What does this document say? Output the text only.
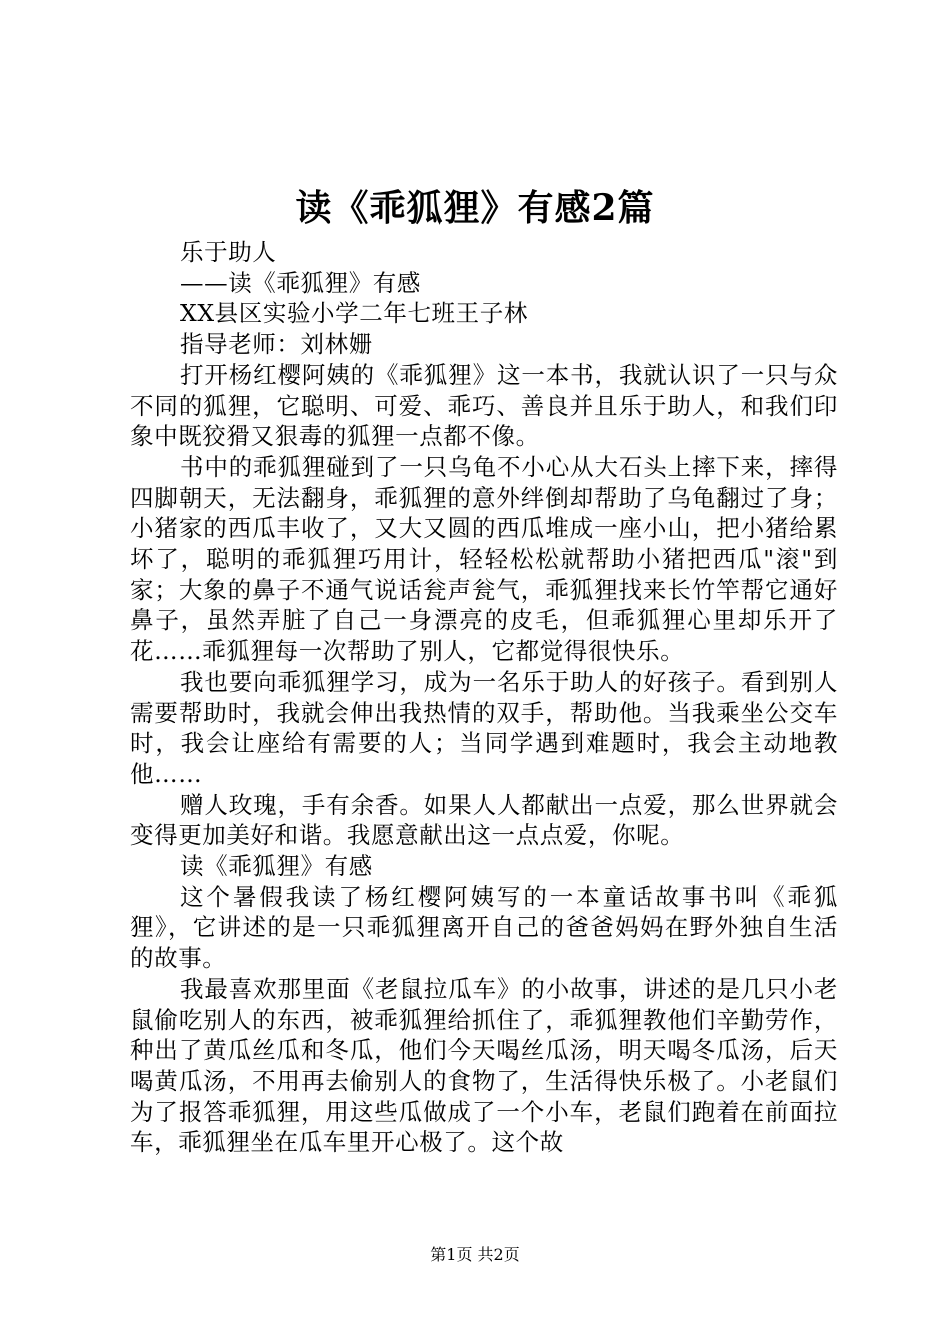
读《乖狐狸》有感2篇

乐于助人

——读《乖狐狸》有感

XX县区实验小学二年七班王子林

指导老师：刘林姗

打开杨红樱阿姨的《乖狐狸》这一本书，我就认识了一只与众不同的狐狸，它聪明、可爱、乖巧、善良并且乐于助人，和我们印象中既狡猾又狠毒的狐狸一点都不像。

书中的乖狐狸碰到了一只乌龟不小心从大石头上摔下来，摔得四脚朝天，无法翻身，乖狐狸的意外绊倒却帮助了乌龟翻过了身；小猪家的西瓜丰收了，又大又圆的西瓜堆成一座小山，把小猪给累坏了，聪明的乖狐狸巧用计，轻轻松松就帮助小猪把西瓜"滚"到家；大象的鼻子不通气说话瓮声瓮气，乖狐狸找来长竹竿帮它通好鼻子，虽然弄脏了自己一身漂亮的皮毛，但乖狐狸心里却乐开了花……乖狐狸每一次帮助了别人，它都觉得很快乐。

我也要向乖狐狸学习，成为一名乐于助人的好孩子。看到别人需要帮助时，我就会伸出我热情的双手，帮助他。当我乘坐公交车时，我会让座给有需要的人；当同学遇到难题时，我会主动地教他……

赠人玫瑰，手有余香。如果人人都献出一点爱，那么世界就会变得更加美好和谐。我愿意献出这一点点爱，你呢。

读《乖狐狸》有感

这个暑假我读了杨红樱阿姨写的一本童话故事书叫《乖狐狸》，它讲述的是一只乖狐狸离开自己的爸爸妈妈在野外独自生活的故事。

我最喜欢那里面《老鼠拉瓜车》的小故事，讲述的是几只小老鼠偷吃别人的东西，被乖狐狸给抓住了，乖狐狸教他们辛勤劳作，种出了黄瓜丝瓜和冬瓜，他们今天喝丝瓜汤，明天喝冬瓜汤，后天喝黄瓜汤，不用再去偷别人的食物了，生活得快乐极了。小老鼠们为了报答乖狐狸，用这些瓜做成了一个小车，老鼠们跑着在前面拉车，乖狐狸坐在瓜车里开心极了。这个故

第1页 共2页
